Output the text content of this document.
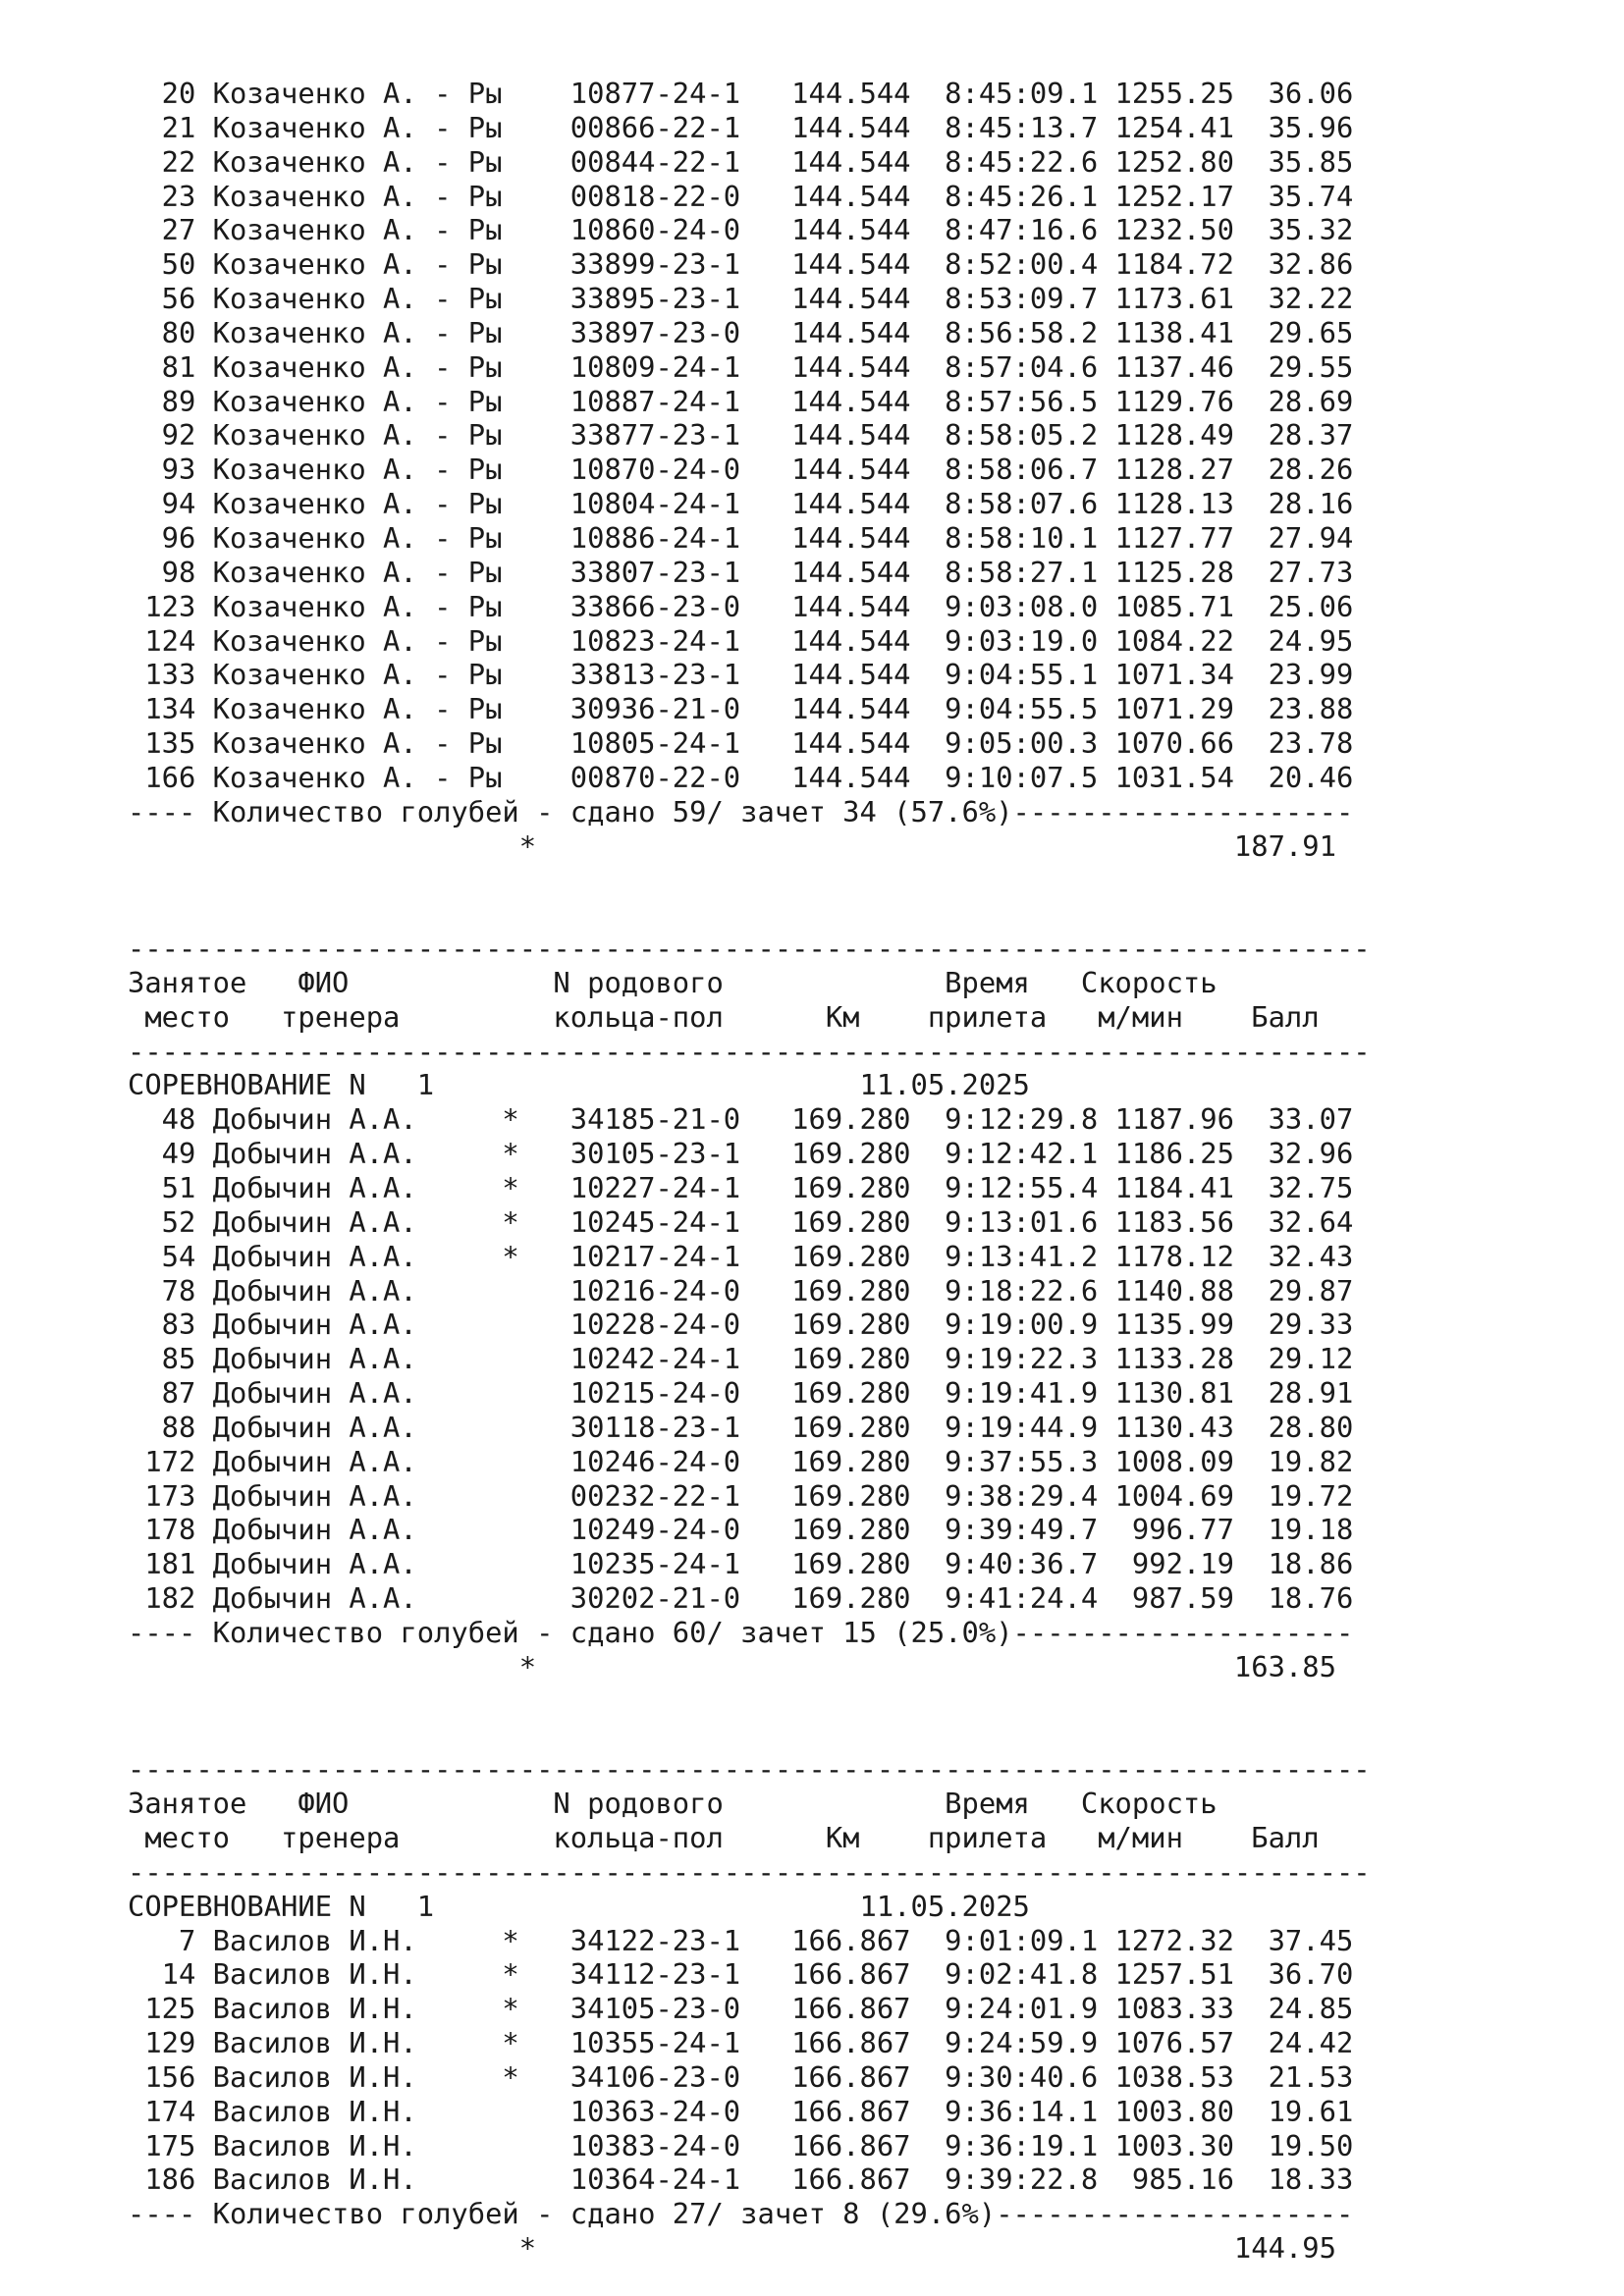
20 Козаченко А. - Ры    10877-24-1   144.544  8:45:09.1 1255.25  36.06
21 Козаченко А. - Ры    00866-22-1   144.544  8:45:13.7 1254.41  35.96
22 Козаченко А. - Ры    00844-22-1   144.544  8:45:22.6 1252.80  35.85
23 Козаченко А. - Ры    00818-22-0   144.544  8:45:26.1 1252.17  35.74
27 Козаченко А. - Ры    10860-24-0   144.544  8:47:16.6 1232.50  35.32
50 Козаченко А. - Ры    33899-23-1   144.544  8:52:00.4 1184.72  32.86
56 Козаченко А. - Ры    33895-23-1   144.544  8:53:09.7 1173.61  32.22
80 Козаченко А. - Ры    33897-23-0   144.544  8:56:58.2 1138.41  29.65
81 Козаченко А. - Ры    10809-24-1   144.544  8:57:04.6 1137.46  29.55
89 Козаченко А. - Ры    10887-24-1   144.544  8:57:56.5 1129.76  28.69
92 Козаченко А. - Ры    33877-23-1   144.544  8:58:05.2 1128.49  28.37
93 Козаченко А. - Ры    10870-24-0   144.544  8:58:06.7 1128.27  28.26
94 Козаченко А. - Ры    10804-24-1   144.544  8:58:07.6 1128.13  28.16
96 Козаченко А. - Ры    10886-24-1   144.544  8:58:10.1 1127.77  27.94
98 Козаченко А. - Ры    33807-23-1   144.544  8:58:27.1 1125.28  27.73
123 Козаченко А. - Ры    33866-23-0   144.544  9:03:08.0 1085.71  25.06
124 Козаченко А. - Ры    10823-24-1   144.544  9:03:19.0 1084.22  24.95
133 Козаченко А. - Ры    33813-23-1   144.544  9:04:55.1 1071.34  23.99
134 Козаченко А. - Ры    30936-21-0   144.544  9:04:55.5 1071.29  23.88
135 Козаченко А. - Ры    10805-24-1   144.544  9:05:00.3 1070.66  23.78
166 Козаченко А. - Ры    00870-22-0   144.544  9:10:07.5 1031.54  20.46
---- Количество голубей - сдано 59/ зачет 34 (57.6%)--------------------
*                                         187.91
-------------------------------------------------------------------------
Занятое   ФИО            N родового             Время   Скорость
место   тренера         кольца-пол      Км    прилета   м/мин    Балл
-------------------------------------------------------------------------
СОРЕВНОВАНИЕ N   1                         11.05.2025
48 Добычин А.А.     *   34185-21-0   169.280  9:12:29.8 1187.96  33.07
49 Добычин А.А.     *   30105-23-1   169.280  9:12:42.1 1186.25  32.96
51 Добычин А.А.     *   10227-24-1   169.280  9:12:55.4 1184.41  32.75
52 Добычин А.А.     *   10245-24-1   169.280  9:13:01.6 1183.56  32.64
54 Добычин А.А.     *   10217-24-1   169.280  9:13:41.2 1178.12  32.43
78 Добычин А.А.         10216-24-0   169.280  9:18:22.6 1140.88  29.87
83 Добычин А.А.         10228-24-0   169.280  9:19:00.9 1135.99  29.33
85 Добычин А.А.         10242-24-1   169.280  9:19:22.3 1133.28  29.12
87 Добычин А.А.         10215-24-0   169.280  9:19:41.9 1130.81  28.91
88 Добычин А.А.         30118-23-1   169.280  9:19:44.9 1130.43  28.80
172 Добычин А.А.         10246-24-0   169.280  9:37:55.3 1008.09  19.82
173 Добычин А.А.         00232-22-1   169.280  9:38:29.4 1004.69  19.72
178 Добычин А.А.         10249-24-0   169.280  9:39:49.7  996.77  19.18
181 Добычин А.А.         10235-24-1   169.280  9:40:36.7  992.19  18.86
182 Добычин А.А.         30202-21-0   169.280  9:41:24.4  987.59  18.76
---- Количество голубей - сдано 60/ зачет 15 (25.0%)--------------------
*                                         163.85
-------------------------------------------------------------------------
Занятое   ФИО            N родового             Время   Скорость
место   тренера         кольца-пол      Км    прилета   м/мин    Балл
-------------------------------------------------------------------------
СОРЕВНОВАНИЕ N   1                         11.05.2025
7 Василов И.Н.     *   34122-23-1   166.867  9:01:09.1 1272.32  37.45
14 Василов И.Н.     *   34112-23-1   166.867  9:02:41.8 1257.51  36.70
125 Василов И.Н.     *   34105-23-0   166.867  9:24:01.9 1083.33  24.85
129 Василов И.Н.     *   10355-24-1   166.867  9:24:59.9 1076.57  24.42
156 Василов И.Н.     *   34106-23-0   166.867  9:30:40.6 1038.53  21.53
174 Василов И.Н.         10363-24-0   166.867  9:36:14.1 1003.80  19.61
175 Василов И.Н.         10383-24-0   166.867  9:36:19.1 1003.30  19.50
186 Василов И.Н.         10364-24-1   166.867  9:39:22.8  985.16  18.33
---- Количество голубей - сдано 27/ зачет 8 (29.6%)---------------------
*                                         144.95
